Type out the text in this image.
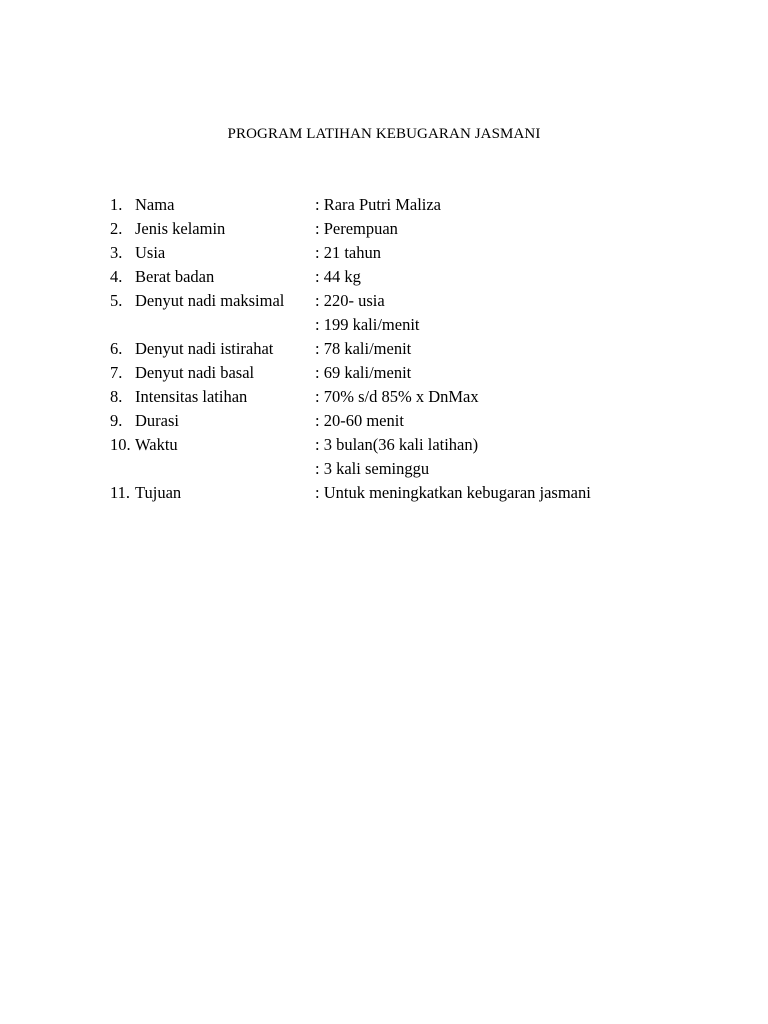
PROGRAM LATIHAN KEBUGARAN JASMANI
1. Nama	: Rara Putri Maliza
2. Jenis kelamin	: Perempuan
3. Usia	: 21 tahun
4. Berat badan	: 44 kg
5. Denyut nadi maksimal	: 220- usia
: 199 kali/menit
6. Denyut nadi istirahat	: 78 kali/menit
7. Denyut nadi basal	: 69 kali/menit
8. Intensitas latihan	: 70% s/d 85% x DnMax
9. Durasi	: 20-60 menit
10. Waktu	: 3 bulan(36 kali latihan)
: 3 kali seminggu
11. Tujuan	: Untuk meningkatkan kebugaran jasmani
